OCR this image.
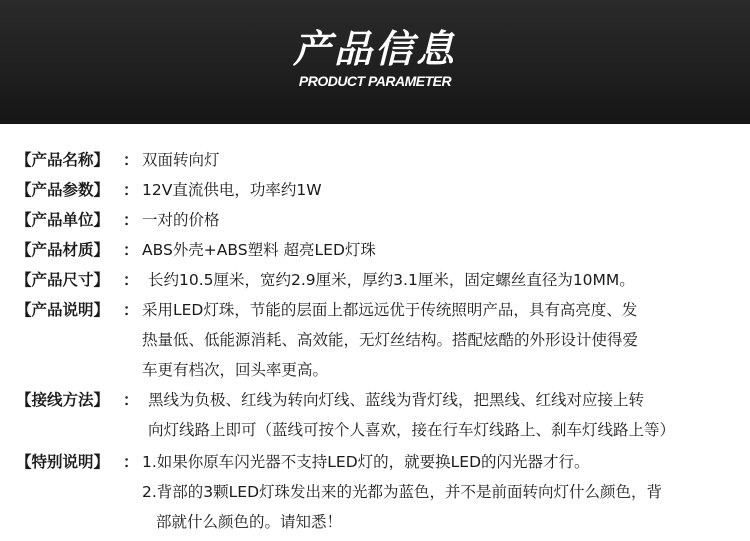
产品信息
PRODUCT PARAMETER
【产品名称】 ： 双面转向灯
【产品参数】 ： 12V直流供电，功率约1W
【产品单位】 ： 一对的价格
【产品材质】 ： ABS外壳+ABS塑料 超亮LED灯珠
【产品尺寸】 ： 长约10.5厘米，宽约2.9厘米，厚约3.1厘米，固定螺丝直径为10MM。
【产品说明】 ： 采用LED灯珠，节能的层面上都远远优于传统照明产品，具有高亮度、发
热量低、低能源消耗、高效能，无灯丝结构。搭配炫酷的外形设计使得爱
车更有档次，回头率更高。
【接线方法】 ： 黑线为负极、红线为转向灯线、蓝线为背灯线，把黑线、红线对应接上转
向灯线路上即可（蓝线可按个人喜欢，接在行车灯线路上、刹车灯线路上等）
【特别说明】 ： 1.如果你原车闪光器不支持LED灯的，就要换LED的闪光器才行。
2.背部的3颗LED灯珠发出来的光都为蓝色，并不是前面转向灯什么颜色，背
部就什么颜色的。请知悉！
